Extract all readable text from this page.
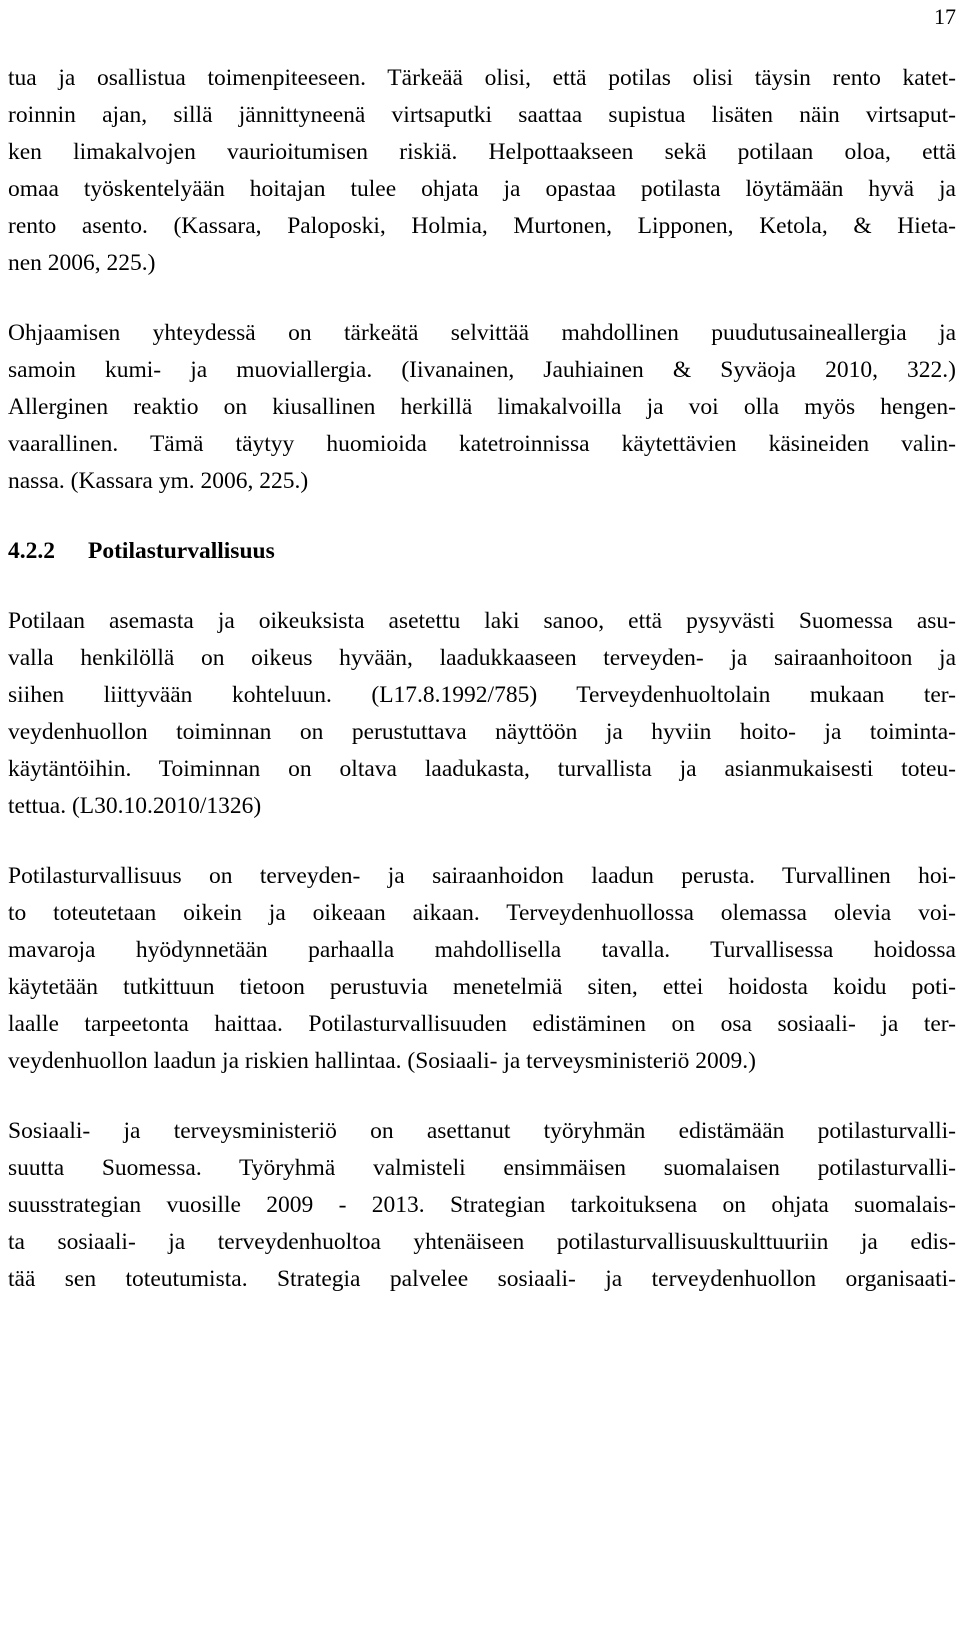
17
tua ja osallistua toimenpiteeseen. Tärkeää olisi, että potilas olisi täysin rento katet-
roinnin ajan, sillä jännittyneenä virtsaputki saattaa supistua lisäten näin virtsaput-
ken limakalvojen vaurioitumisen riskiä. Helpottaakseen sekä potilaan oloa, että
omaa työskentelyään hoitajan tulee ohjata ja opastaa potilasta löytämään hyvä ja
rento asento. (Kassara, Paloposki, Holmia, Murtonen, Lipponen, Ketola, & Hieta-
nen 2006, 225.)
Ohjaamisen yhteydessä on tärkeätä selvittää mahdollinen puudutusaineallergia ja
samoin kumi- ja muoviallergia. (Iivanainen, Jauhiainen & Syväoja 2010, 322.)
Allerginen reaktio on kiusallinen herkillä limakalvoilla ja voi olla myös hengen-
vaarallinen. Tämä täytyy huomioida katetroinnissa käytettävien käsineiden valin-
nassa. (Kassara ym. 2006, 225.)
4.2.2 Potilasturvallisuus
Potilaan asemasta ja oikeuksista asetettu laki sanoo, että pysyvästi Suomessa asu-
valla henkilöllä on oikeus hyvään, laadukkaaseen terveyden- ja sairaanhoitoon ja
siihen liittyvään kohteluun. (L17.8.1992/785) Terveydenhuoltolain mukaan ter-
veydenhuollon toiminnan on perustuttava näyttöön ja hyviin hoito- ja toiminta-
käytäntöihin. Toiminnan on oltava laadukasta, turvallista ja asianmukaisesti toteu-
tettua. (L30.10.2010/1326)
Potilasturvallisuus on terveyden- ja sairaanhoidon laadun perusta. Turvallinen hoi-
to toteutetaan oikein ja oikeaan aikaan. Terveydenhuollossa olemassa olevia voi-
mavaroja hyödynnetään parhaalla mahdollisella tavalla. Turvallisessa hoidossa
käytetään tutkittuun tietoon perustuvia menetelmiä siten, ettei hoidosta koidu poti-
laalle tarpeetonta haittaa. Potilasturvallisuuden edistäminen on osa sosiaali- ja ter-
veydenhuollon laadun ja riskien hallintaa. (Sosiaali- ja terveysministeriö 2009.)
Sosiaali- ja terveysministeriö on asettanut työryhmän edistämään potilasturvalli-
suutta Suomessa. Työryhmä valmisteli ensimmäisen suomalaisen potilasturvalli-
suusstrategian vuosille 2009 - 2013. Strategian tarkoituksena on ohjata suomalais-
ta sosiaali- ja terveydenhuoltoa yhtenäiseen potilasturvallisuuskulttuuriin ja edis-
tää sen toteutumista. Strategia palvelee sosiaali- ja terveydenhuollon organisaati-
